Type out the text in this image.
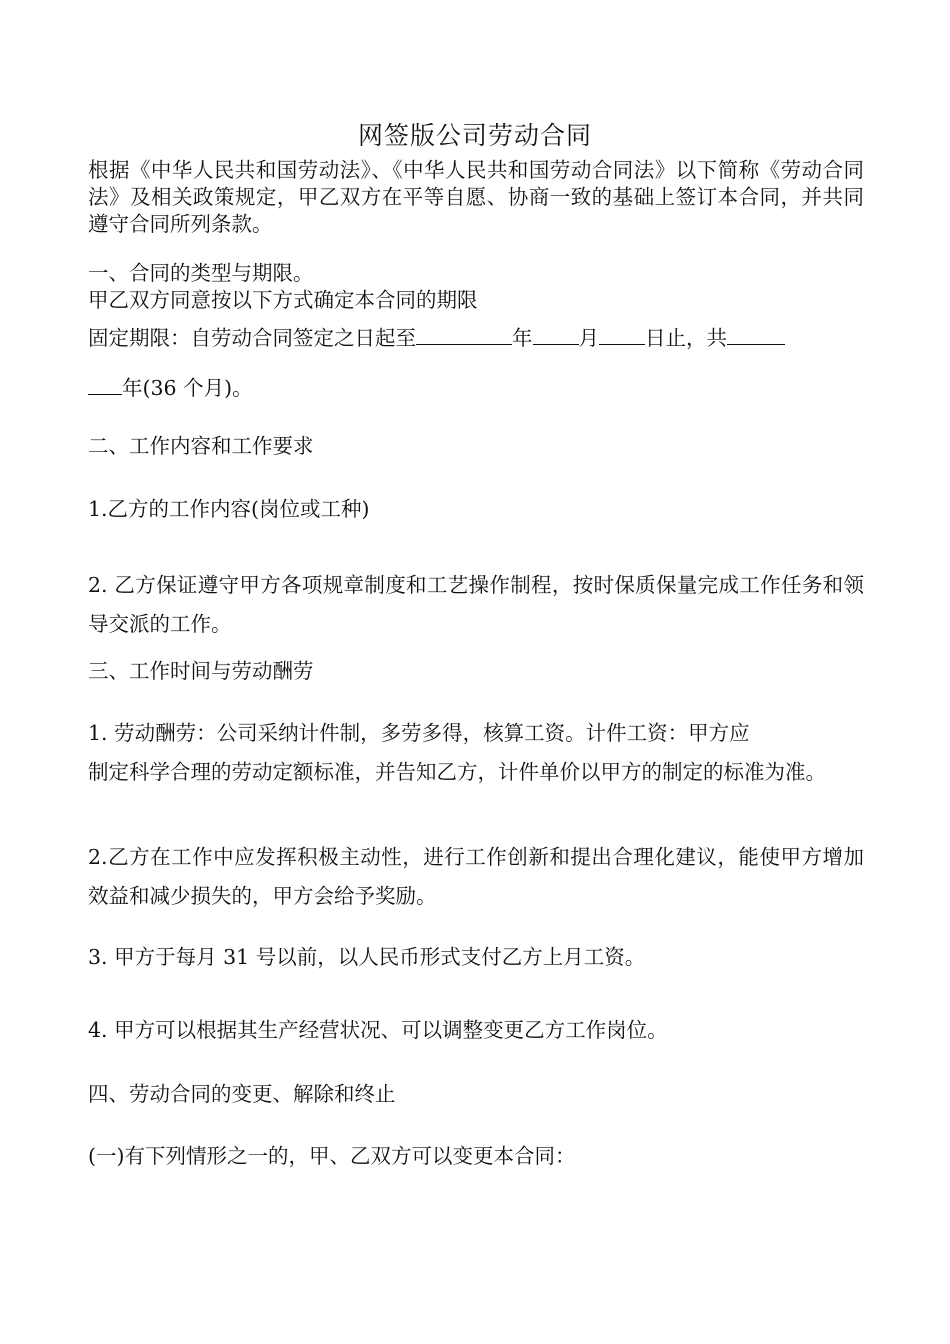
网签版公司劳动合同

根据《中华人民共和国劳动法》、《中华人民共和国劳动合同法》以下简称《劳动合同法》及相关政策规定，甲乙双方在平等自愿、协商一致的基础上签订本合同，并共同遵守合同所列条款。

一、合同的类型与期限。

甲乙双方同意按以下方式确定本合同的期限

固定期限：自劳动合同签定之日起至	年 月 日止，共

年(36 个月)。

二、工作内容和工作要求

1.乙方的工作内容(岗位或工种)

2. 乙方保证遵守甲方各项规章制度和工艺操作制程，按时保质保量完成工作任务和领导交派的工作。

三、工作时间与劳动酬劳

1. 劳动酬劳：公司采纳计件制，多劳多得，核算工资。计件工资：甲方应

制定科学合理的劳动定额标准，并告知乙方，计件单价以甲方的制定的标准为准。

2.乙方在工作中应发挥积极主动性，进行工作创新和提出合理化建议，能使甲方增加效益和减少损失的，甲方会给予奖励。

3. 甲方于每月 31 号以前，以人民币形式支付乙方上月工资。

4. 甲方可以根据其生产经营状况、可以调整变更乙方工作岗位。

四、劳动合同的变更、解除和终止

(一)有下列情形之一的，甲、乙双方可以变更本合同：
